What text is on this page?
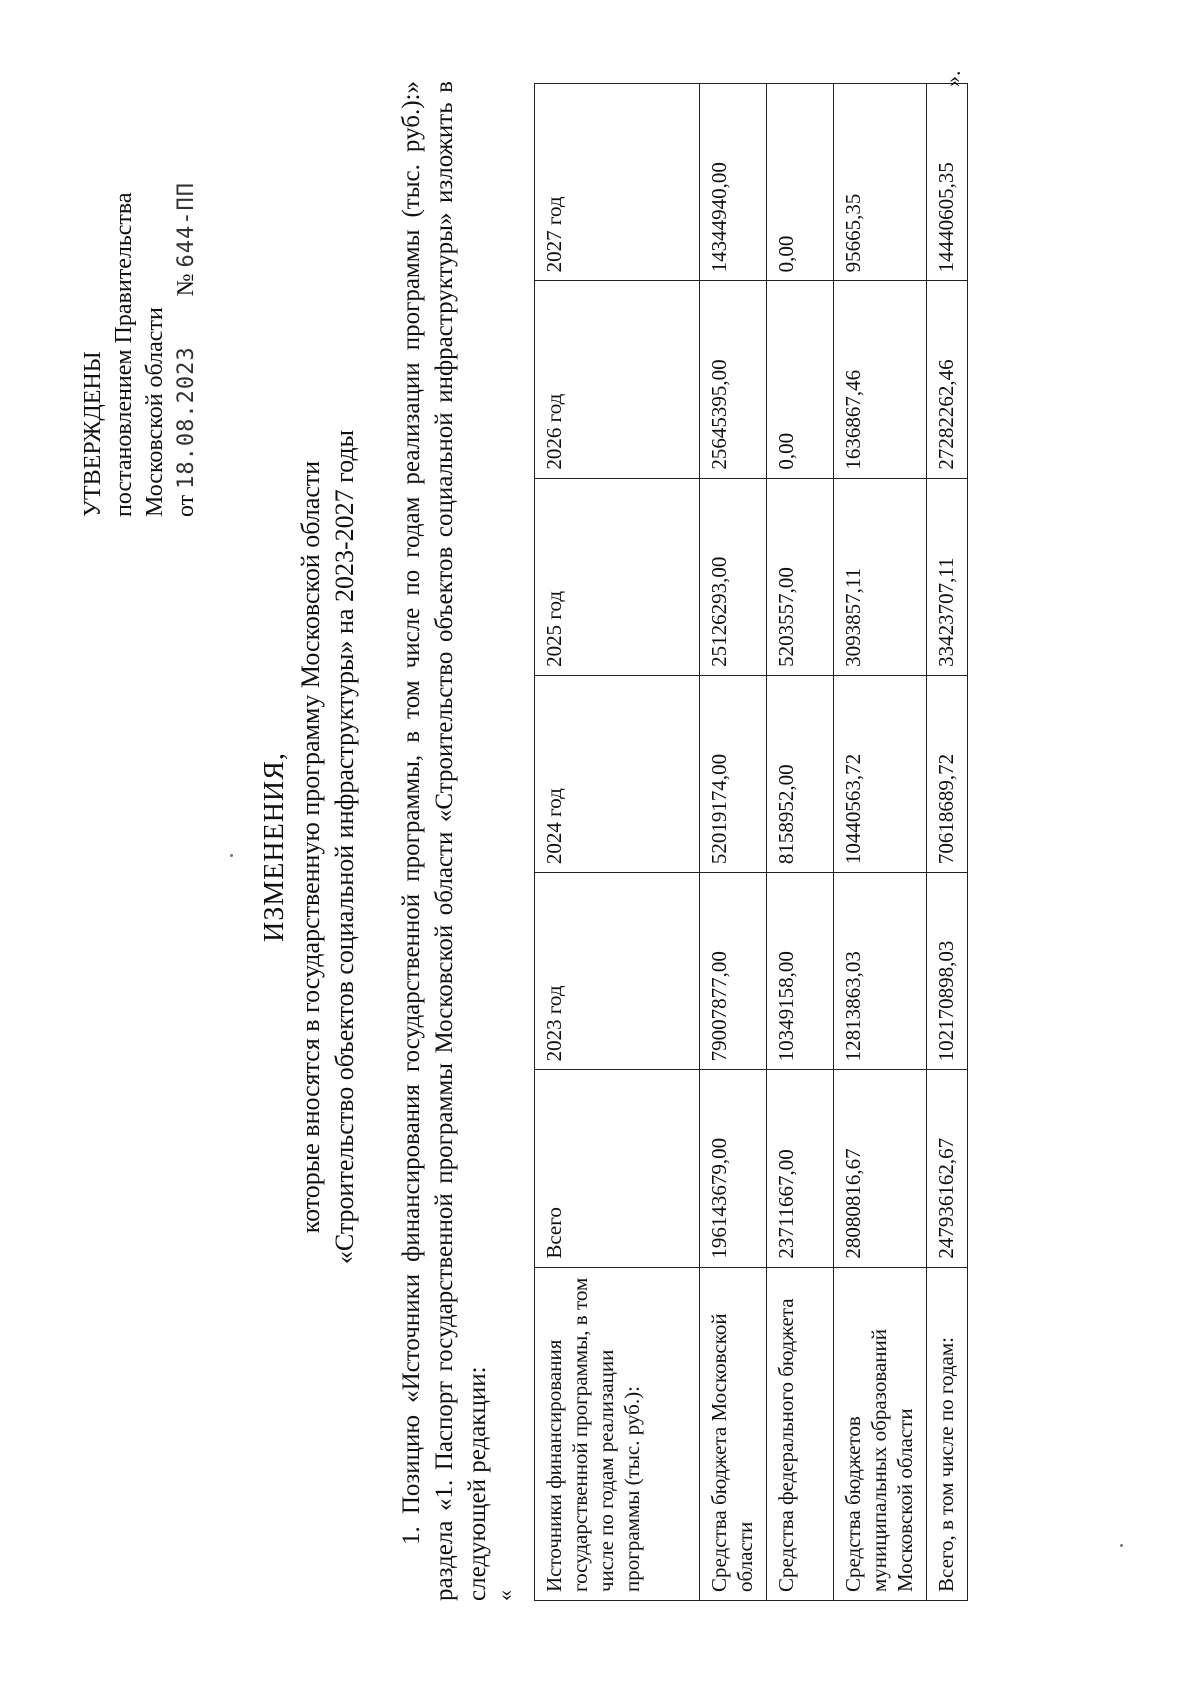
УТВЕРЖДЕНЫ постановлением Правительства Московской области от 18.08.2023 № 644-ПП
ИЗМЕНЕНИЯ, которые вносятся в государственную программу Московской области «Строительство объектов социальной инфраструктуры» на 2023-2027 годы 1. Позицию «Источники финансирования государственной программы, в том числе по годам реализации программы (тыс. руб.):» раздела «1. Паспорт государственной программы Московской области «Строительство объектов социальной инфраструктуры» изложить в следующей редакции: «
Источники финансирования государственной программы, в том числе по годам реализации программы (тыс. руб.):	Всего	2023 год	2024 год	2025 год	2026 год	2027 год
Средства бюджета Московской области	196143679,00	79007877,00	52019174,00	25126293,00	25645395,00	14344940,00
Средства федерального бюджета	23711667,00	10349158,00	8158952,00	5203557,00	0,00	0,00
Средства бюджетов муниципальных образований Московской области	28080816,67	12813863,03	10440563,72	3093857,11	1636867,46	95665,35
Всего, в том числе по годам:	247936162,67	102170898,03	70618689,72	33423707,11	27282262,46	14440605,35
».
